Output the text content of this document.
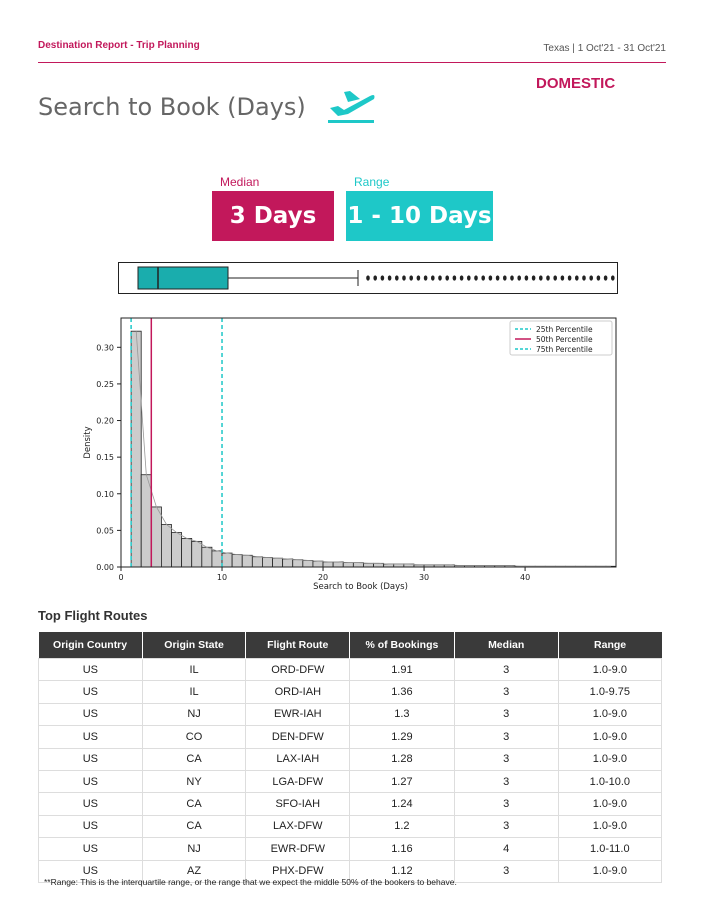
Destination Report - Trip Planning	Texas | 1 Oct'21 - 31 Oct'21
DOMESTIC
Search to Book (Days)
Median
3 Days
Range
1 - 10 Days
0.00
0.05
0.10
0.15
0.20
0.25
0.30
0	10	20	30	40
Search to Book (Days)
Density
25th Percentile
50th Percentile
75th Percentile
Top Flight Routes
Origin Country	Origin State	Flight Route	% of Bookings	Median	Range
US	IL	ORD-DFW	1.91	3	1.0-9.0
US	IL	ORD-IAH	1.36	3	1.0-9.75
US	NJ	EWR-IAH	1.3	3	1.0-9.0
US	CO	DEN-DFW	1.29	3	1.0-9.0
US	CA	LAX-IAH	1.28	3	1.0-9.0
US	NY	LGA-DFW	1.27	3	1.0-10.0
US	CA	SFO-IAH	1.24	3	1.0-9.0
US	CA	LAX-DFW	1.2	3	1.0-9.0
US	NJ	EWR-DFW	1.16	4	1.0-11.0
US	AZ	PHX-DFW	1.12	3	1.0-9.0
**Range: This is the interquartile range, or the range that we expect the middle 50% of the bookers to behave.
